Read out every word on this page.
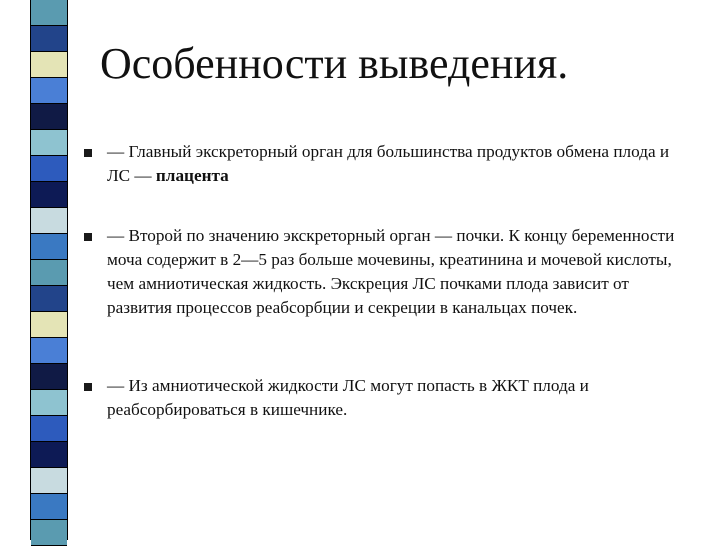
Особенности выведения.
— Главный экскреторный орган для большинства продуктов обмена плода и ЛС — плацента
— Второй по значению экскреторный орган — почки. К концу беременности моча содержит в 2—5 раз больше мочевины, креатинина и мочевой кислоты, чем амниотическая жидкость. Экскреция ЛС почками плода зависит от развития процессов реабсорбции и секреции в канальцах почек.
— Из амниотической жидкости ЛС могут попасть в ЖКТ плода и реабсорбироваться в кишечнике.
